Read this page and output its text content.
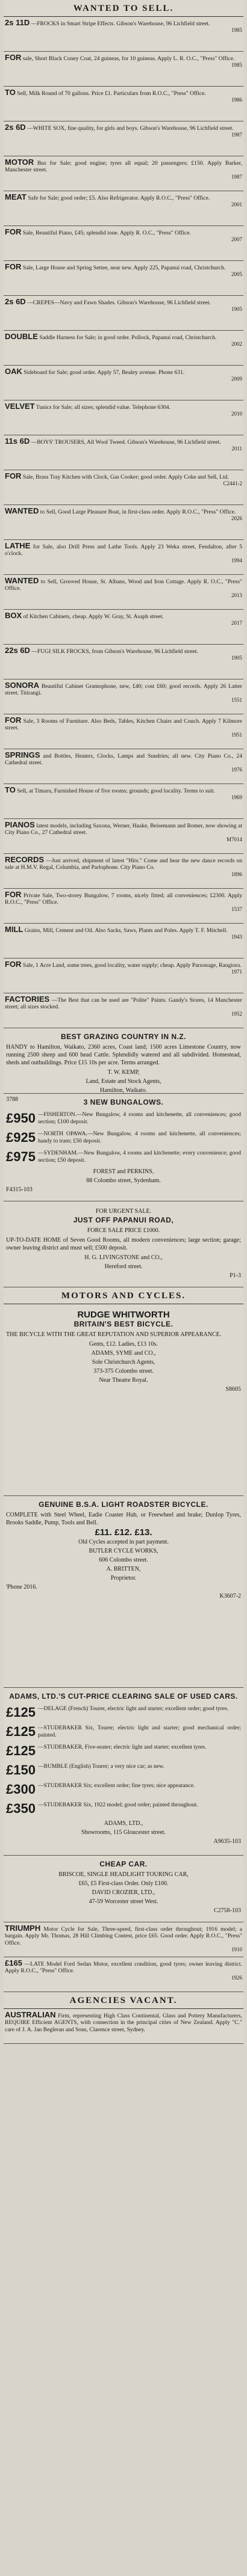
WANTED TO SELL.
2s 11D —FROCKS in Smart Stripe Effects. Gibson's Warehouse, 96 Lichfield street.
1985
FOR sale, Short Black Coney Coat, 24 guineas, for 10 guineas. Apply L. R. O.C., "Press" Office.
1985
TO Sell, Milk Round of 70 gallons. Price £1. Particulars from R.O.C., "Press" Office.
1986
2s 6D —WHITE SOX, fine quality, for girls and boys. Gibson's Warehouse, 96 Lichfield street.
1987
MOTOR Bus for Sale; good engine; tyres all equal; 20 passengers; £150. Apply Barker, Manchester street.
1987
MEAT Safe for Sale; good order; £5. Also Refrigerator. Apply R.O.C., "Press" Office.
2001
FOR Sale, Beautiful Piano, £45; splendid tone. Apply R. O.C., "Press" Office.
2007
FOR Sale, Large House and Spring Settee, near new. Apply 225, Papanui road, Christchurch.
2005
2s 6D —CREPES—Navy and Fawn Shades. Gibson's Warehouse, 96 Lichfield street.
1905
DOUBLE Saddle Harness for Sale; in good order. Pollock, Papanui road, Christchurch.
2002
OAK Sideboard for Sale; good order. Apply 57, Bealey avenue. Phone 631.
2009
VELVET Tunics for Sale; all sizes; splendid value. Telephone 6304.
2010
11s 6D —BOYS' TROUSERS, All Wool Tweed. Gibson's Warehouse, 96 Lichfield street.
2011
FOR Sale, Brass Tray Kitchen with Clock, Gas Cooker; good order. Apply Coke and Sell, Ltd.
C2441-2
WANTED to Sell, Good Large Pleasure Boat, in first-class order. Apply R.O.C., "Press" Office.
2026
LATHE for Sale, also Drill Press and Lathe Tools. Apply 23 Weka street, Fendalton, after 5 o'clock.
1994
WANTED to Sell, Grooved House, St. Albans, Wood and Iron Cottage. Apply R. O.C., "Press" Office.
2013
BOX of Kitchen Cabinets, cheap. Apply W. Gray, St. Asaph street.
2017
22s 6D —FUGI SILK FROCKS, from Gibson's Warehouse, 96 Lichfield street.
1905
SONORA Beautiful Cabinet Gramophone, new, £40; cost £60; good records. Apply 26 Latter street. Titirangi.
1551
FOR Sale, 3 Rooms of Furniture. Also Beds, Tables, Kitchen Chairs and Couch. Apply 7 Kilmore street.
1951
SPRINGS and Bottles, Heaters, Clocks, Lamps and Sundries; all new. City Piano Co., 24 Cathedral street.
1976
TO Sell, at Timaru, Furnished House of five rooms; grounds; good locality. Terms to suit.
1969
PIANOS latest models, including Saxona, Werner, Haake, Beisemann and Romer, now showing at City Piano Co., 27 Cathedral street.
M7014
RECORDS —Just arrived, shipment of latest "Hits." Come and hear the new dance records on sale at H.M.V. Regal, Columbia, and Parlophone. City Piano Co.
1896
FOR Private Sale, Two-storey Bungalow, 7 rooms, nicely fitted; all conveniences; £2300. Apply R.O.C., "Press" Office.
1537
MILL Grains, Mill, Cement and Oil. Also Sacks, Saws, Plants and Poles. Apply T. F. Mitchell.
1943
FOR Sale, 1 Acre Land, some trees, good locality, water supply; cheap. Apply Parsonage, Rangiora.
1971
FACTORIES —The Best that can be used are "Polite" Paints. Gandy's Stores, 14 Manchester street; all sizes stocked.
1952
BEST GRAZING COUNTRY IN N.Z.
HANDY to Hamilton, Waikato, 2360 acres, Coast land; 1500 acres Limestone Country, now running 2500 sheep and 600 head Cattle. Splendidly watered and all subdivided. Homestead, sheds and outbuildings. Price £15 10s per acre. Terms arranged.
T. W. KEMP,
Land, Estate and Stock Agents,
Hamilton, Waikato.
3788	3 NEW BUNGALOWS.
£950 —FISHERTON.—New Bungalow, 4 rooms and kitchenette, all conveniences; good section; £100 deposit.
£925 —NORTH OPAWA.—New Bungalow, 4 rooms and kitchenette, all conveniences; handy to tram; £50 deposit.
£975 —SYDENHAM.—New Bungalow, 4 rooms and kitchenette; every convenience; good section; £50 deposit.
FOREST and PERKINS,
88 Colombo street, Sydenham.
F4315-103
FOR URGENT SALE.
JUST OFF PAPANUI ROAD,
FORCE SALE PRICE £1000.
UP-TO-DATE HOME of Seven Good Rooms, all modern conveniences; large section; garage; owner leaving district and must sell; £500 deposit.
H. G. LIVINGSTONE and CO.,
Hereford street.
P1-3
MOTORS AND CYCLES.
RUDGE WHITWORTH
BRITAIN'S BEST BICYCLE.
THE BICYCLE WITH THE GREAT REPUTATION AND SUPERIOR APPEARANCE.
Gents, £12. Ladies, £13 10s.
ADAMS, SYME and CO.,
Sole Christchurch Agents,
373-375 Colombo street.
Near Theatre Royal.
S8605
GENUINE B.S.A. LIGHT ROADSTER BICYCLE.
COMPLETE with Steel Wheel, Eadie Coaster Hub, or Freewheel and brake; Dunlop Tyres, Brooks Saddle, Pump, Tools and Bell.
£11. £12. £13.
Old Cycles accepted in part payment.
BUTLER CYCLE WORKS,
606 Colombo street.
A. BRITTEN,
Proprietor.
'Phone 2016.
K3607-2
ADAMS, LTD.'S CUT-PRICE CLEARING SALE OF USED CARS.
£125 —DELAGE (French) Tourer, electric light and starter; excellent order; good tyres.
£125 —STUDEBAKER Six, Tourer; electric light and starter; good mechanical order; painted.
£125 —STUDEBAKER, Five-seater; electric light and starter; excellent tyres.
£150 —BUMBLE (English) Tourer; a very nice car; as new.
£300 —STUDEBAKER Six; excellent order; fine tyres; nice appearance.
£350 —STUDEBAKER Six, 1922 model; good order; painted throughout.
ADAMS, LTD.,
Showrooms, 115 Gloucester street.
A9635-103
CHEAP CAR.
BRISCOE, SINGLE HEADLIGHT TOURING CAR,
£65, £5 First-class Order. Only £100.
DAVID CROZIER, LTD.,
47-59 Worcester street West.
C2758-103
TRIUMPH Motor Cycle for Sale, Three-speed, first-class order throughout; 1916 model; a bargain. Apply Mr. Thomas, 28 Hill Climbing Contest, price £65. Good order. Apply R.O.C., "Press" Office.
1910
£165 —LATE Model Ford Sedan Motor, excellent condition, good tyres; owner leaving district. Apply R.O.C., "Press" Office.
1926
AGENCIES VACANT.
AUSTRALIAN Firm, representing High Class Continental, Glass and Pottery Manufacturers, REQUIRE Efficient AGENTS, with connection in the principal cities of New Zealand. Apply "C." care of J. A. Jan Begleran and Sons, Clarence street, Sydney.
